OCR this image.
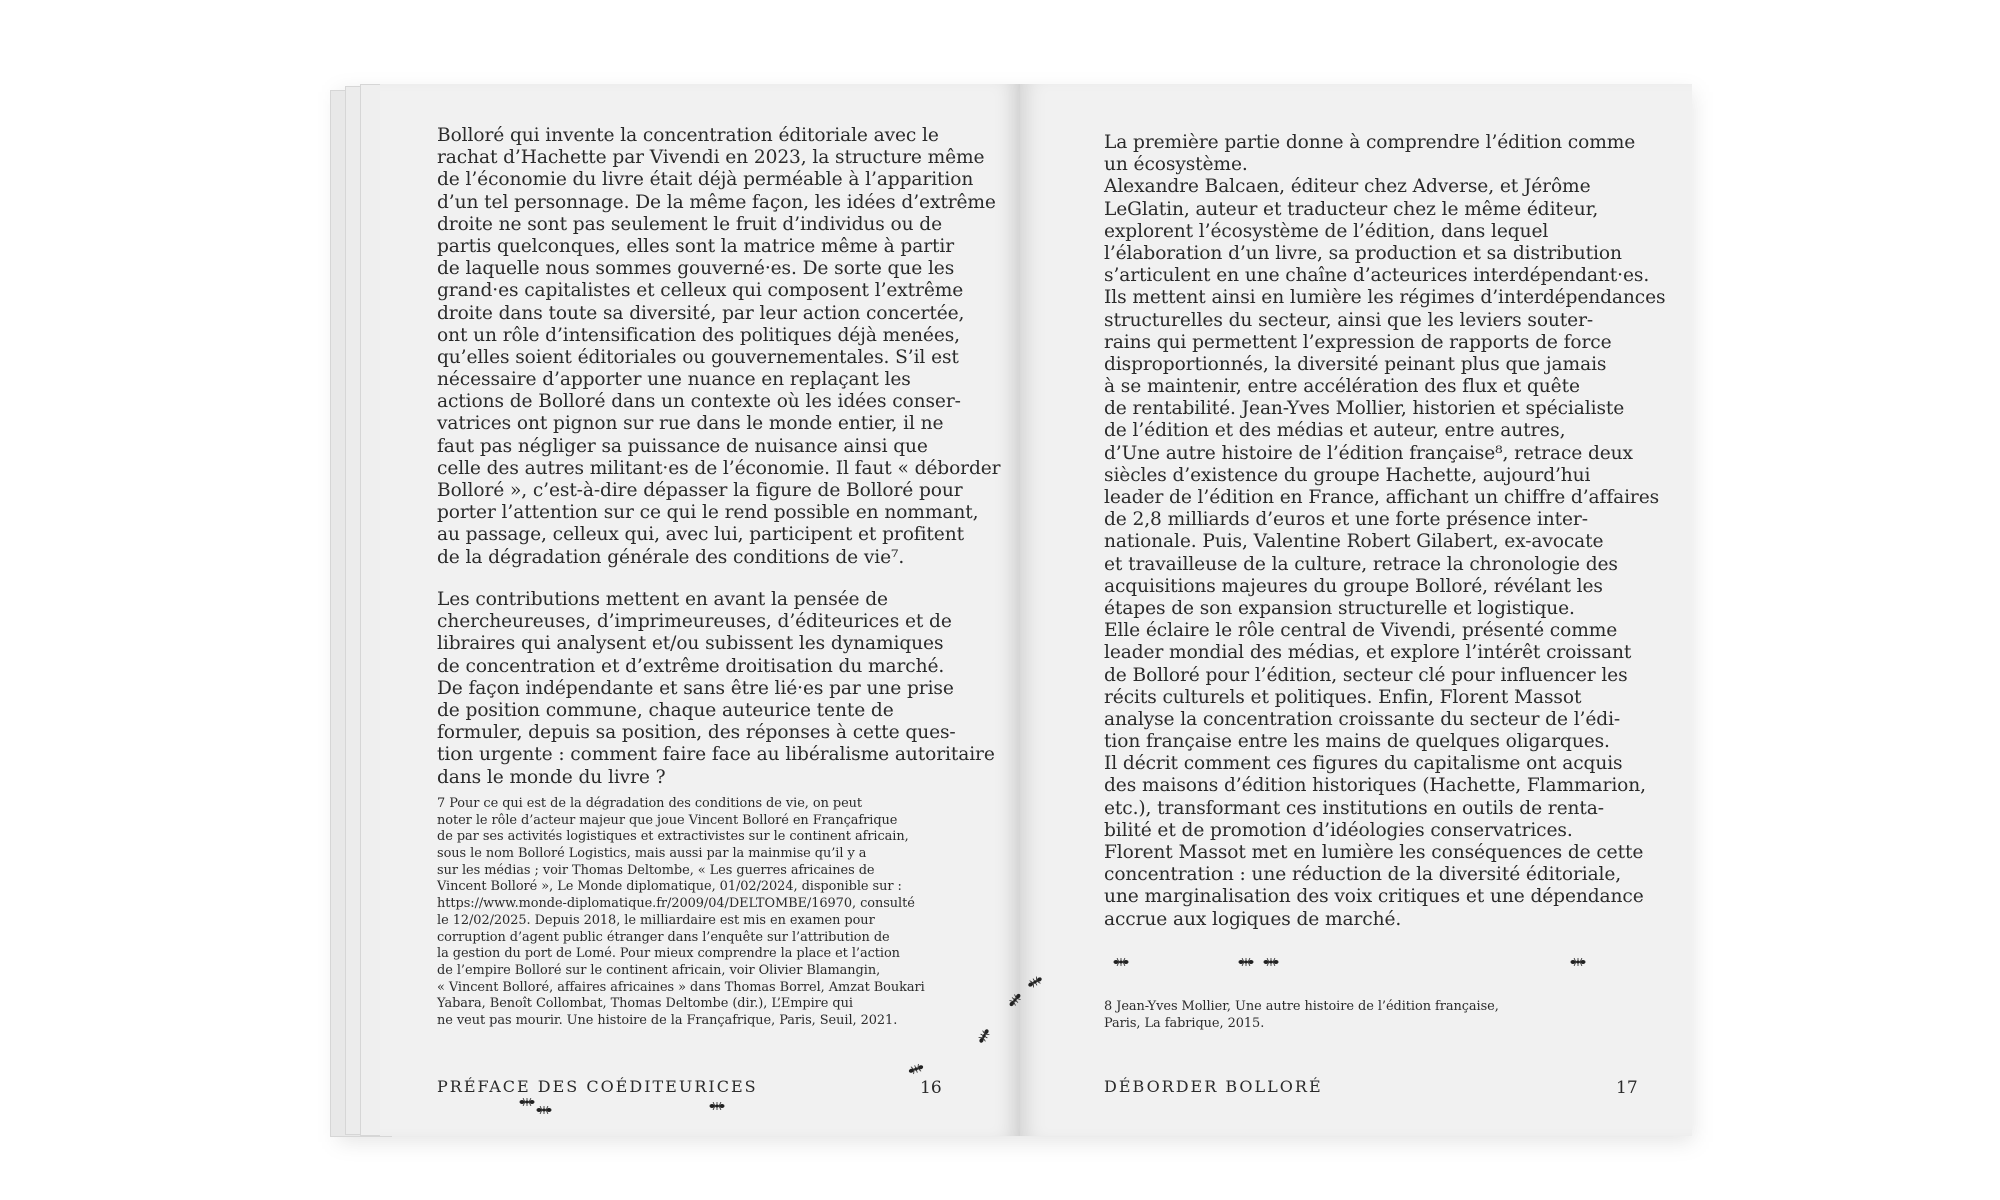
Bolloré qui invente la concentration éditoriale avec le
rachat d’Hachette par Vivendi en 2023, la structure même
de l’économie du livre était déjà perméable à l’apparition
d’un tel personnage. De la même façon, les idées d’extrême
droite ne sont pas seulement le fruit d’individus ou de
partis quelconques, elles sont la matrice même à partir
de laquelle nous sommes gouverné·es. De sorte que les
grand·es capitalistes et celleux qui composent l’extrême
droite dans toute sa diversité, par leur action concertée,
ont un rôle d’intensification des politiques déjà menées,
qu’elles soient éditoriales ou gouvernementales. S’il est
nécessaire d’apporter une nuance en replaçant les
actions de Bolloré dans un contexte où les idées conser-
vatrices ont pignon sur rue dans le monde entier, il ne
faut pas négliger sa puissance de nuisance ainsi que
celle des autres militant·es de l’économie. Il faut « déborder
Bolloré », c’est-à-dire dépasser la figure de Bolloré pour
porter l’attention sur ce qui le rend possible en nommant,
au passage, celleux qui, avec lui, participent et profitent
de la dégradation générale des conditions de vie⁷.
Les contributions mettent en avant la pensée de
chercheureuses, d’imprimeureuses, d’éditeurices et de
libraires qui analysent et/ou subissent les dynamiques
de concentration et d’extrême droitisation du marché.
De façon indépendante et sans être lié·es par une prise
de position commune, chaque auteurice tente de
formuler, depuis sa position, des réponses à cette ques-
tion urgente : comment faire face au libéralisme autoritaire
dans le monde du livre ?
7 Pour ce qui est de la dégradation des conditions de vie, on peut
noter le rôle d’acteur majeur que joue Vincent Bolloré en Françafrique
de par ses activités logistiques et extractivistes sur le continent africain,
sous le nom Bolloré Logistics, mais aussi par la mainmise qu’il y a
sur les médias ; voir Thomas Deltombe, « Les guerres africaines de
Vincent Bolloré », Le Monde diplomatique, 01/02/2024, disponible sur :
https://www.monde-diplomatique.fr/2009/04/DELTOMBE/16970, consulté
le 12/02/2025. Depuis 2018, le milliardaire est mis en examen pour
corruption d’agent public étranger dans l’enquête sur l’attribution de
la gestion du port de Lomé. Pour mieux comprendre la place et l’action
de l’empire Bolloré sur le continent africain, voir Olivier Blamangin,
« Vincent Bolloré, affaires africaines » dans Thomas Borrel, Amzat Boukari
Yabara, Benoît Collombat, Thomas Deltombe (dir.), L’Empire qui
ne veut pas mourir. Une histoire de la Françafrique, Paris, Seuil, 2021.
PRÉFACE DES COÉDITEURICES	16
La première partie donne à comprendre l’édition comme
un écosystème.
Alexandre Balcaen, éditeur chez Adverse, et Jérôme
LeGlatin, auteur et traducteur chez le même éditeur,
explorent l’écosystème de l’édition, dans lequel
l’élaboration d’un livre, sa production et sa distribution
s’articulent en une chaîne d’acteurices interdépendant·es.
Ils mettent ainsi en lumière les régimes d’interdépendances
structurelles du secteur, ainsi que les leviers souter-
rains qui permettent l’expression de rapports de force
disproportionnés, la diversité peinant plus que jamais
à se maintenir, entre accélération des flux et quête
de rentabilité. Jean-Yves Mollier, historien et spécialiste
de l’édition et des médias et auteur, entre autres,
d’Une autre histoire de l’édition française⁸, retrace deux
siècles d’existence du groupe Hachette, aujourd’hui
leader de l’édition en France, affichant un chiffre d’affaires
de 2,8 milliards d’euros et une forte présence inter-
nationale. Puis, Valentine Robert Gilabert, ex-avocate
et travailleuse de la culture, retrace la chronologie des
acquisitions majeures du groupe Bolloré, révélant les
étapes de son expansion structurelle et logistique.
Elle éclaire le rôle central de Vivendi, présenté comme
leader mondial des médias, et explore l’intérêt croissant
de Bolloré pour l’édition, secteur clé pour influencer les
récits culturels et politiques. Enfin, Florent Massot
analyse la concentration croissante du secteur de l’édi-
tion française entre les mains de quelques oligarques.
Il décrit comment ces figures du capitalisme ont acquis
des maisons d’édition historiques (Hachette, Flammarion,
etc.), transformant ces institutions en outils de renta-
bilité et de promotion d’idéologies conservatrices.
Florent Massot met en lumière les conséquences de cette
concentration : une réduction de la diversité éditoriale,
une marginalisation des voix critiques et une dépendance
accrue aux logiques de marché.
8 Jean-Yves Mollier, Une autre histoire de l’édition française,
Paris, La fabrique, 2015.
DÉBORDER BOLLORÉ	17
